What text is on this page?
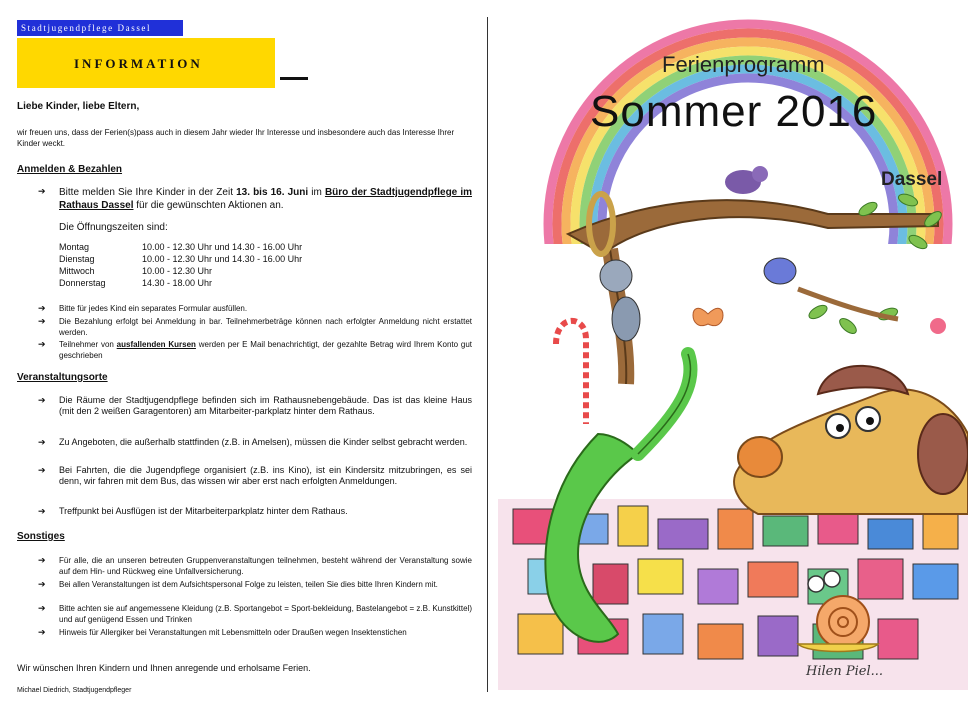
Stadtjugendpflege Dassel
INFORMATION
Liebe Kinder, liebe Eltern,
wir freuen uns, dass der Ferien(s)pass auch in diesem Jahr wieder Ihr Interesse und insbesondere auch das Interesse Ihrer Kinder weckt.
Anmelden & Bezahlen
➔ Bitte melden Sie Ihre Kinder in der Zeit 13. bis 16. Juni im Büro der Stadtjugendpflege im Rathaus Dassel für die gewünschten Aktionen an.
Die Öffnungszeiten sind:
Montag	10.00 - 12.30 Uhr und 14.30 - 16.00 Uhr
Dienstag	10.00 - 12.30 Uhr und 14.30 - 16.00 Uhr
Mittwoch	10.00 - 12.30 Uhr
Donnerstag	14.30 - 18.00 Uhr
➔ Bitte für jedes Kind ein separates Formular ausfüllen.
➔ Die Bezahlung erfolgt bei Anmeldung in bar. Teilnehmerbeträge können nach erfolgter Anmeldung nicht erstattet werden.
➔ Teilnehmer von ausfallenden Kursen werden per E Mail benachrichtigt, der gezahlte Betrag wird Ihrem Konto gut geschrieben
Veranstaltungsorte
➔ Die Räume der Stadtjugendpflege befinden sich im Rathausnebengebäude. Das ist das kleine Haus (mit den 2 weißen Garagentoren) am Mitarbeiter-parkplatz hinter dem Rathaus.
➔ Zu Angeboten, die außerhalb stattfinden (z.B. in Amelsen), müssen die Kinder selbst gebracht werden.
➔ Bei Fahrten, die die Jugendpflege organisiert (z.B. ins Kino), ist ein Kindersitz mitzubringen, es sei denn, wir fahren mit dem Bus, das wissen wir aber erst nach erfolgten Anmeldungen.
➔ Treffpunkt bei Ausflügen ist der Mitarbeiterparkplatz hinter dem Rathaus.
Sonstiges
➔ Für alle, die an unseren betreuten Gruppenveranstaltungen teilnehmen, besteht während der Veranstaltung sowie auf dem Hin- und Rückweg eine Unfallversicherung.
➔ Bei allen Veranstaltungen ist dem Aufsichtspersonal Folge zu leisten, teilen Sie dies bitte Ihren Kindern mit.
➔ Bitte achten sie auf angemessene Kleidung (z.B. Sportangebot = Sport-bekleidung, Bastelangebot = z.B. Kunstkittel) und auf genügend Essen und Trinken
➔ Hinweis für Allergiker bei Veranstaltungen mit Lebensmitteln oder Draußen wegen Insektenstichen
Wir wünschen Ihren Kindern und Ihnen anregende und erholsame Ferien.
Michael Diedrich, Stadtjugendpfleger
Ferienprogramm
Sommer 2016
Dassel
Hilen Piel...
